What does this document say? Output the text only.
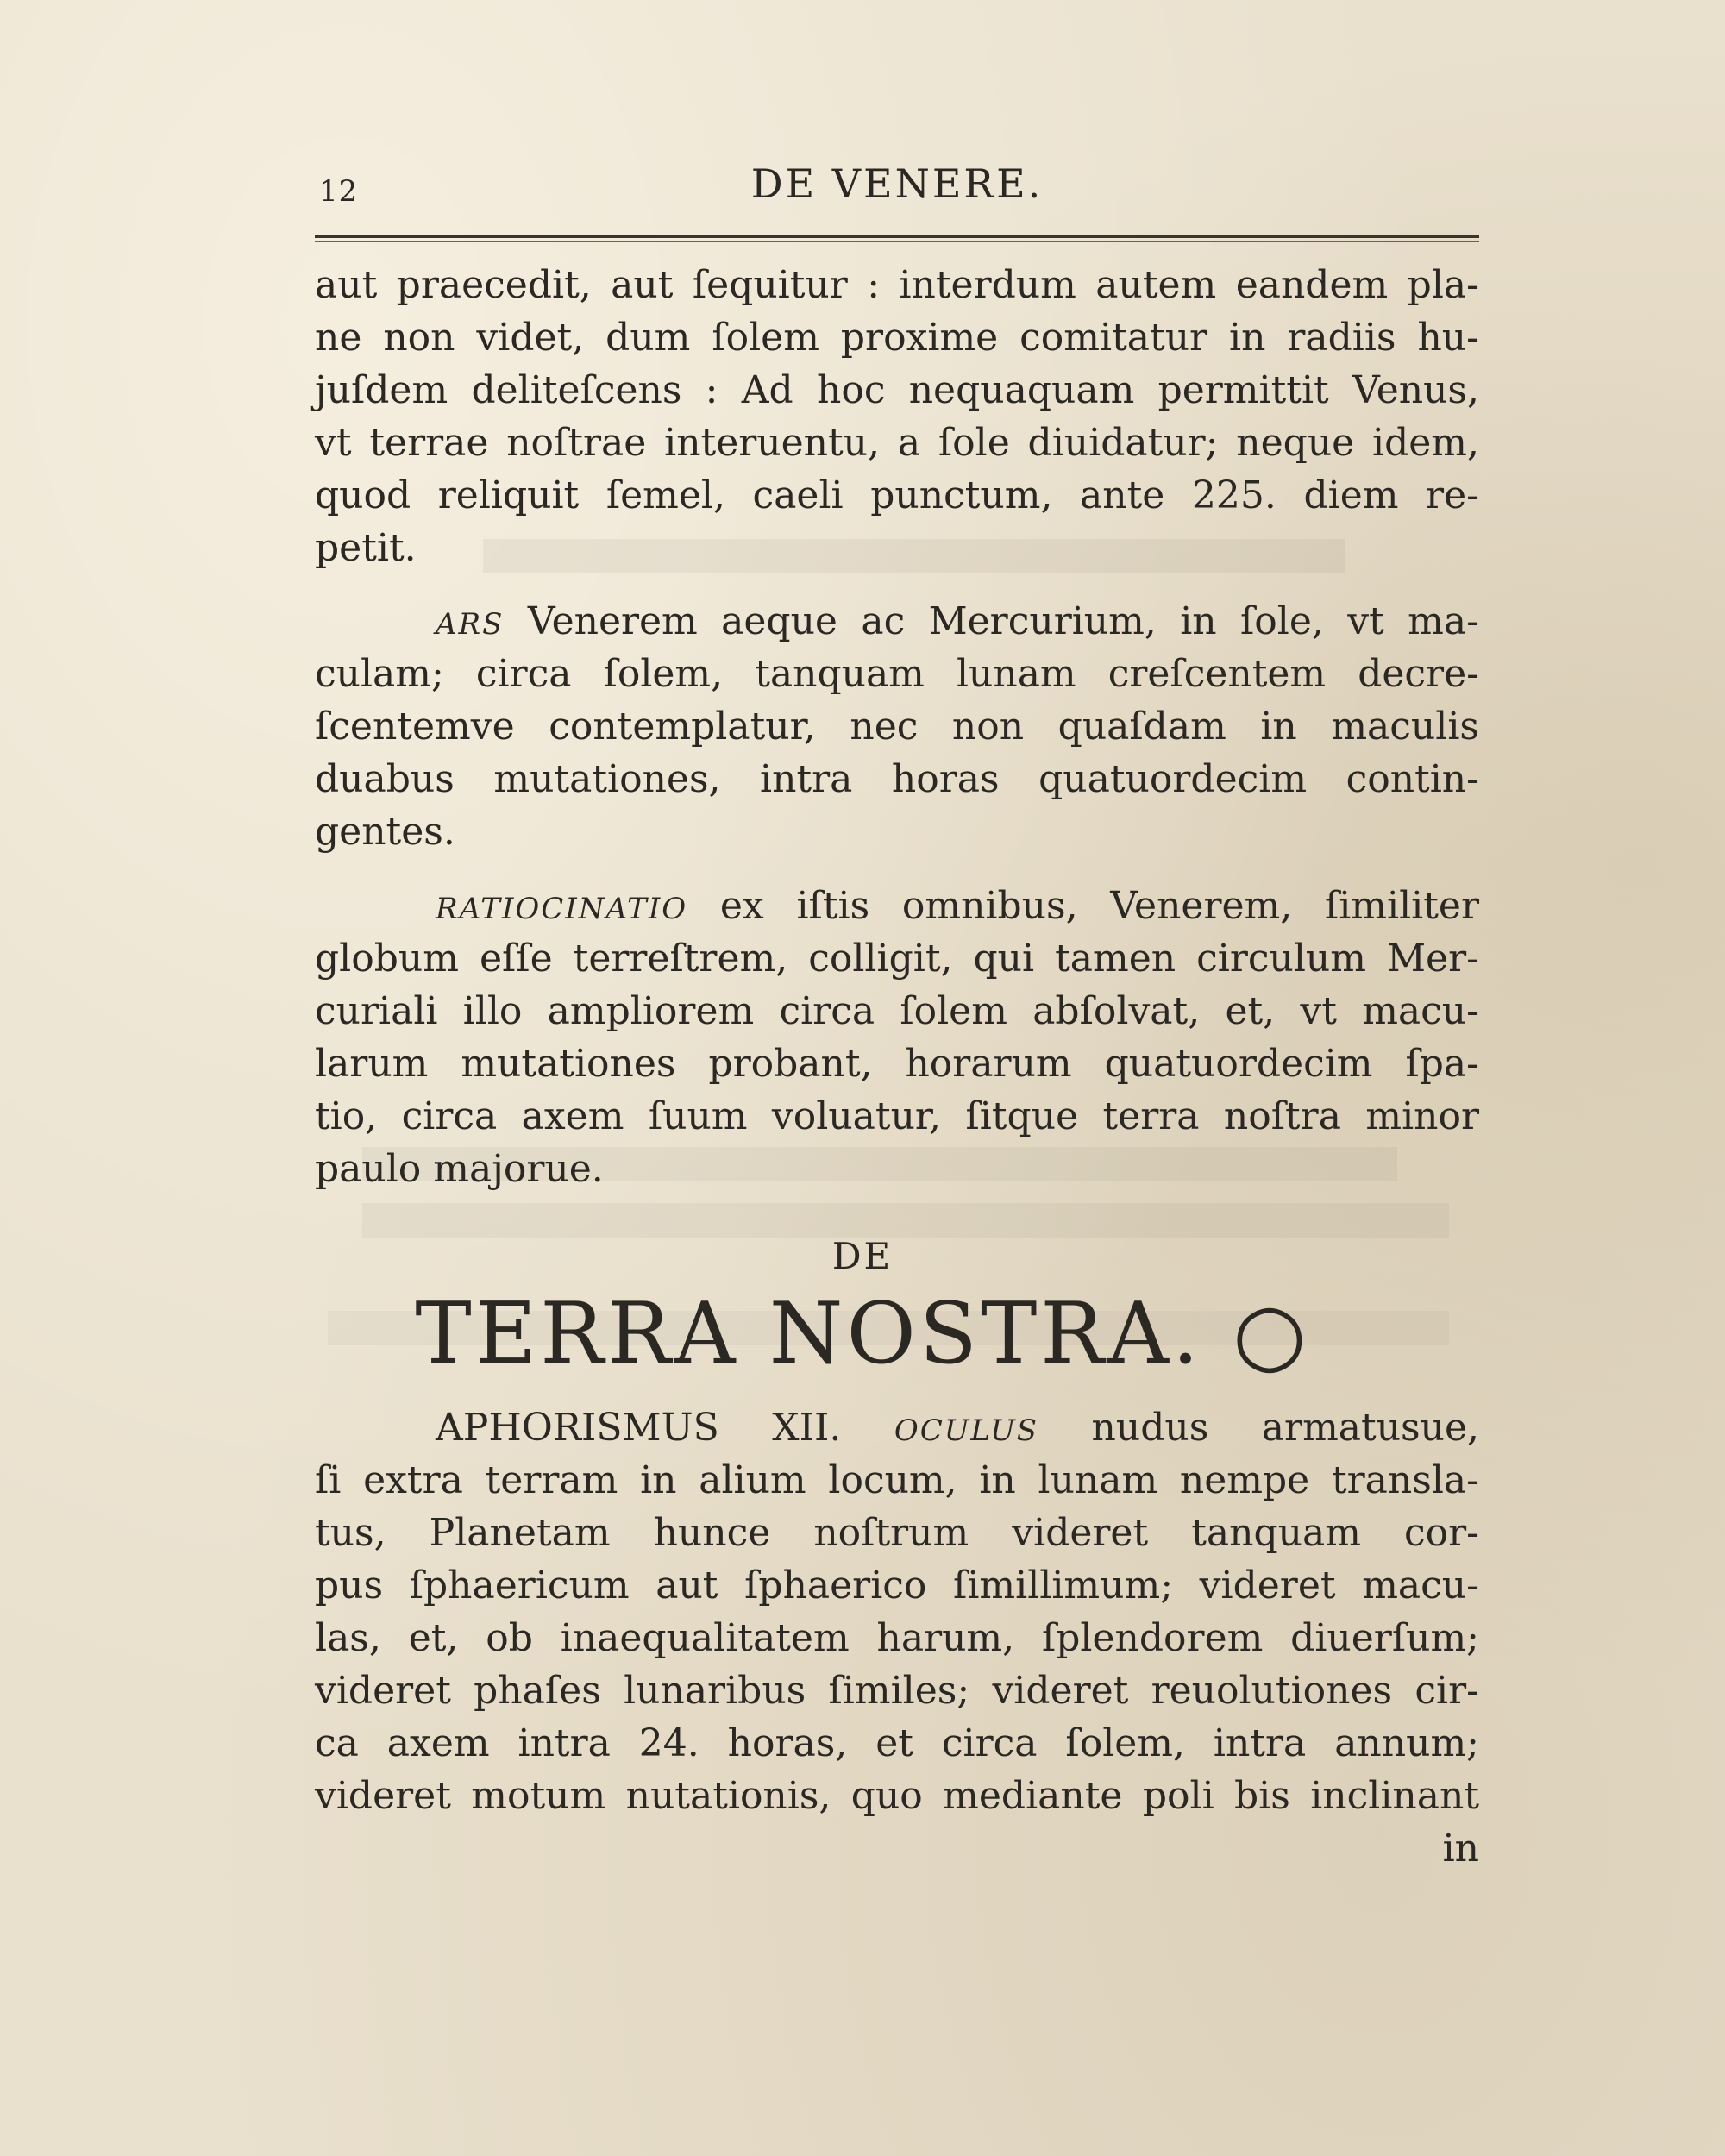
12	DE VENERE.
aut praecedit, aut ſequitur : interdum autem eandem pla-
ne non videt, dum ſolem proxime comitatur in radiis hu-
juſdem deliteſcens : Ad hoc nequaquam permittit Venus,
vt terrae noſtrae interuentu, a ſole diuidatur; neque idem,
quod reliquit ſemel, caeli punctum, ante 225. diem re-
petit.
ARS Venerem aeque ac Mercurium, in ſole, vt ma-
culam; circa ſolem, tanquam lunam creſcentem decre-
ſcentemve contemplatur, nec non quaſdam in maculis
duabus mutationes, intra horas quatuordecim contin-
gentes.
RATIOCINATIO ex iſtis omnibus, Venerem, ſimiliter
globum eſſe terreſtrem, colligit, qui tamen circulum Mer-
curiali illo ampliorem circa ſolem abſolvat, et, vt macu-
larum mutationes probant, horarum quatuordecim ſpa-
tio, circa axem ſuum voluatur, ſitque terra noſtra minor
paulo majorue.
DE
TERRA NOSTRA. ○
APHORISMUS XII. OCULUS nudus armatusue,
ſi extra terram in alium locum, in lunam nempe transla-
tus, Planetam hunce noſtrum videret tanquam cor-
pus ſphaericum aut ſphaerico ſimillimum; videret macu-
las, et, ob inaequalitatem harum, ſplendorem diuerſum;
videret phaſes lunaribus ſimiles; videret reuolutiones cir-
ca axem intra 24. horas, et circa ſolem, intra annum;
videret motum nutationis, quo mediante poli bis inclinant
in
